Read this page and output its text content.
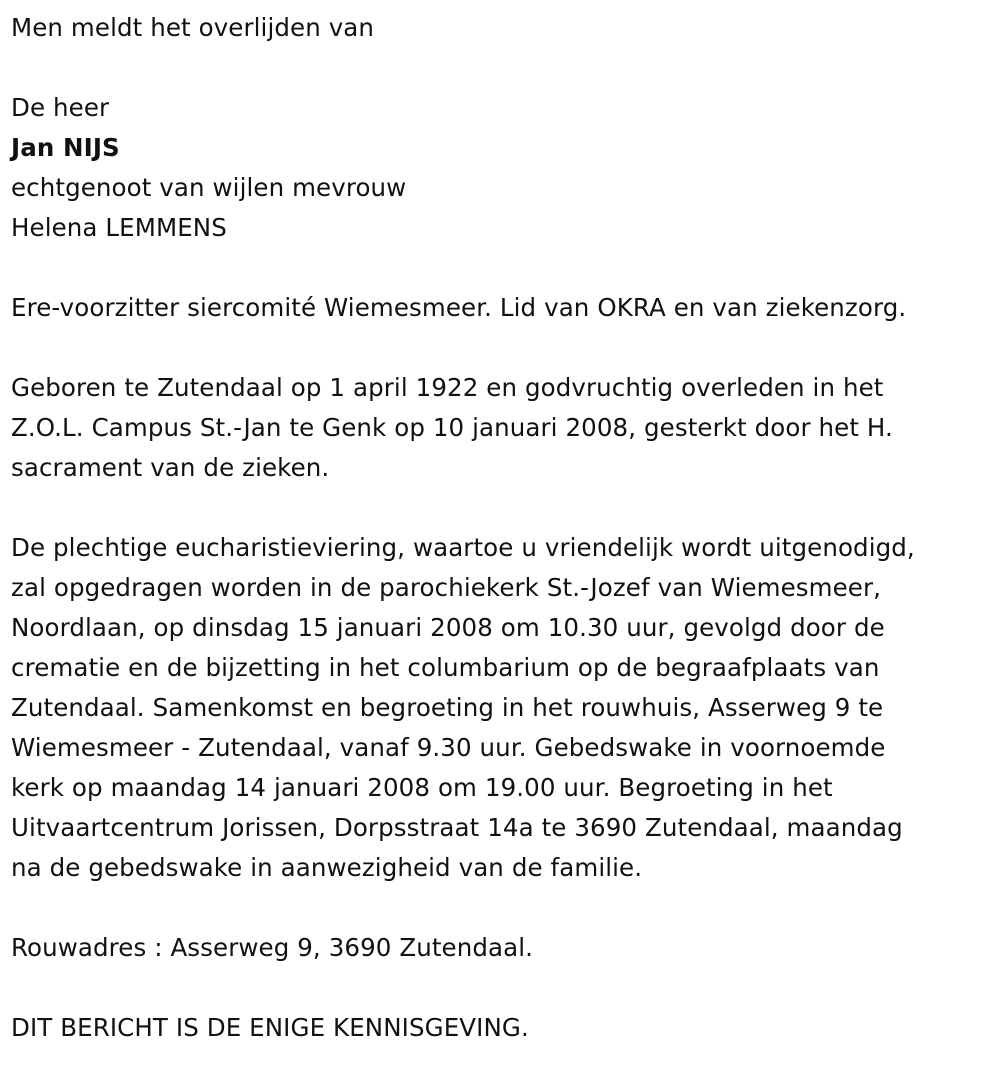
Men meldt het overlijden van
De heer
Jan NIJS
echtgenoot van wijlen mevrouw
Helena LEMMENS
Ere-voorzitter siercomité Wiemesmeer. Lid van OKRA en van ziekenzorg.
Geboren te Zutendaal op 1 april 1922 en godvruchtig overleden in het
Z.O.L. Campus St.-Jan te Genk op 10 januari 2008, gesterkt door het H.
sacrament van de zieken.
De plechtige eucharistieviering, waartoe u vriendelijk wordt uitgenodigd,
zal opgedragen worden in de parochiekerk St.-Jozef van Wiemesmeer,
Noordlaan, op dinsdag 15 januari 2008 om 10.30 uur, gevolgd door de
crematie en de bijzetting in het columbarium op de begraafplaats van
Zutendaal. Samenkomst en begroeting in het rouwhuis, Asserweg 9 te
Wiemesmeer - Zutendaal, vanaf 9.30 uur. Gebedswake in voornoemde
kerk op maandag 14 januari 2008 om 19.00 uur. Begroeting in het
Uitvaartcentrum Jorissen, Dorpsstraat 14a te 3690 Zutendaal, maandag
na de gebedswake in aanwezigheid van de familie.
Rouwadres : Asserweg 9, 3690 Zutendaal.
DIT BERICHT IS DE ENIGE KENNISGEVING.
